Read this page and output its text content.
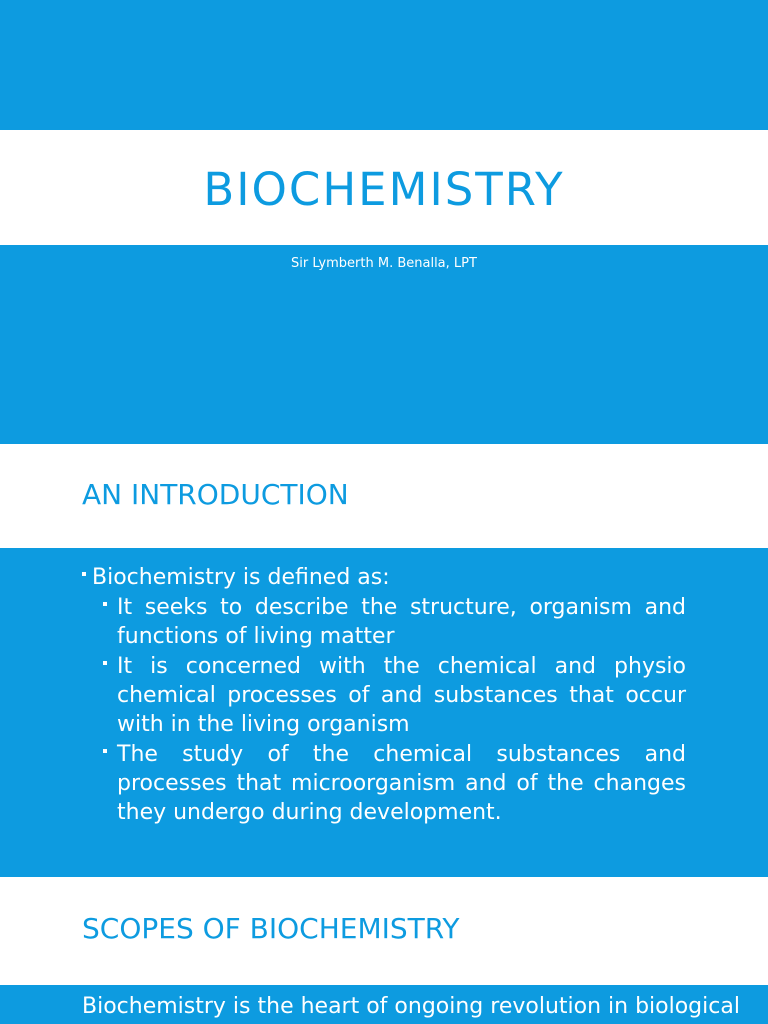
BIOCHEMISTRY

Sir Lymberth M. Benalla, LPT

AN INTRODUCTION
Biochemistry is defined as:
It seeks to describe the structure, organism and functions of living matter
It is concerned with the chemical and physio chemical processes of and substances that occur with in the living organism
The study of the chemical substances and processes that microorganism and of the changes they undergo during development.
SCOPES OF BIOCHEMISTRY

Biochemistry is the heart of ongoing revolution in biological
